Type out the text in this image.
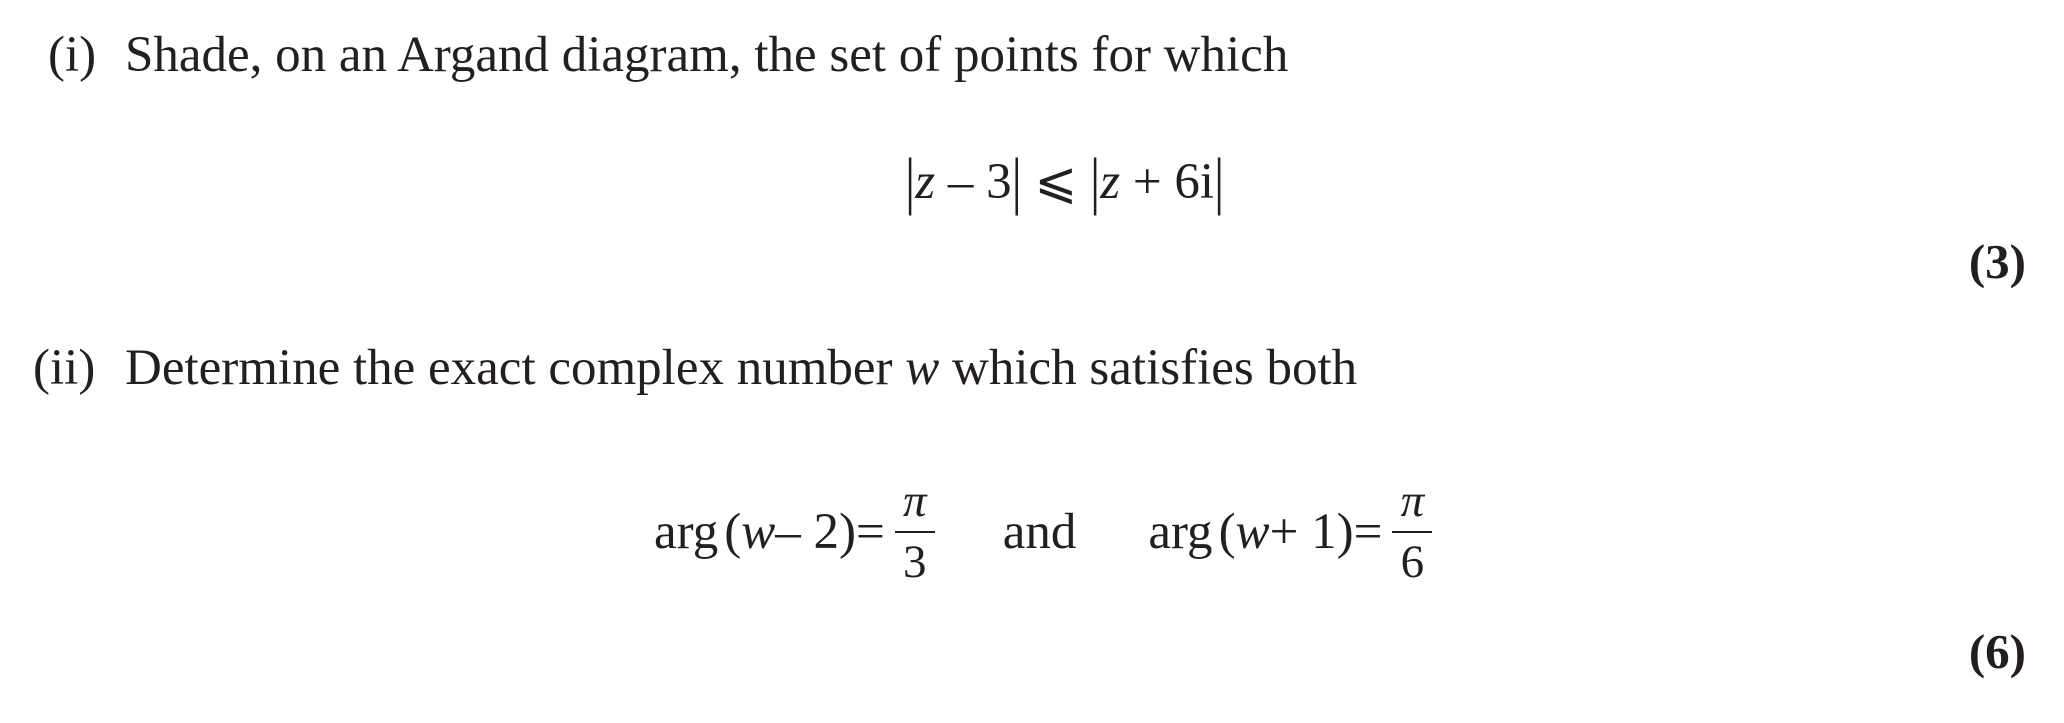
(i) Shade, on an Argand diagram, the set of points for which
|z – 3| ⩽ |z + 6i|
(3)
(ii) Determine the exact complex number w which satisfies both
arg ( $w - 2) = \frac{\pi}{3}$ and arg ( $w + 1) = \frac{\pi}{6}$
(6)
